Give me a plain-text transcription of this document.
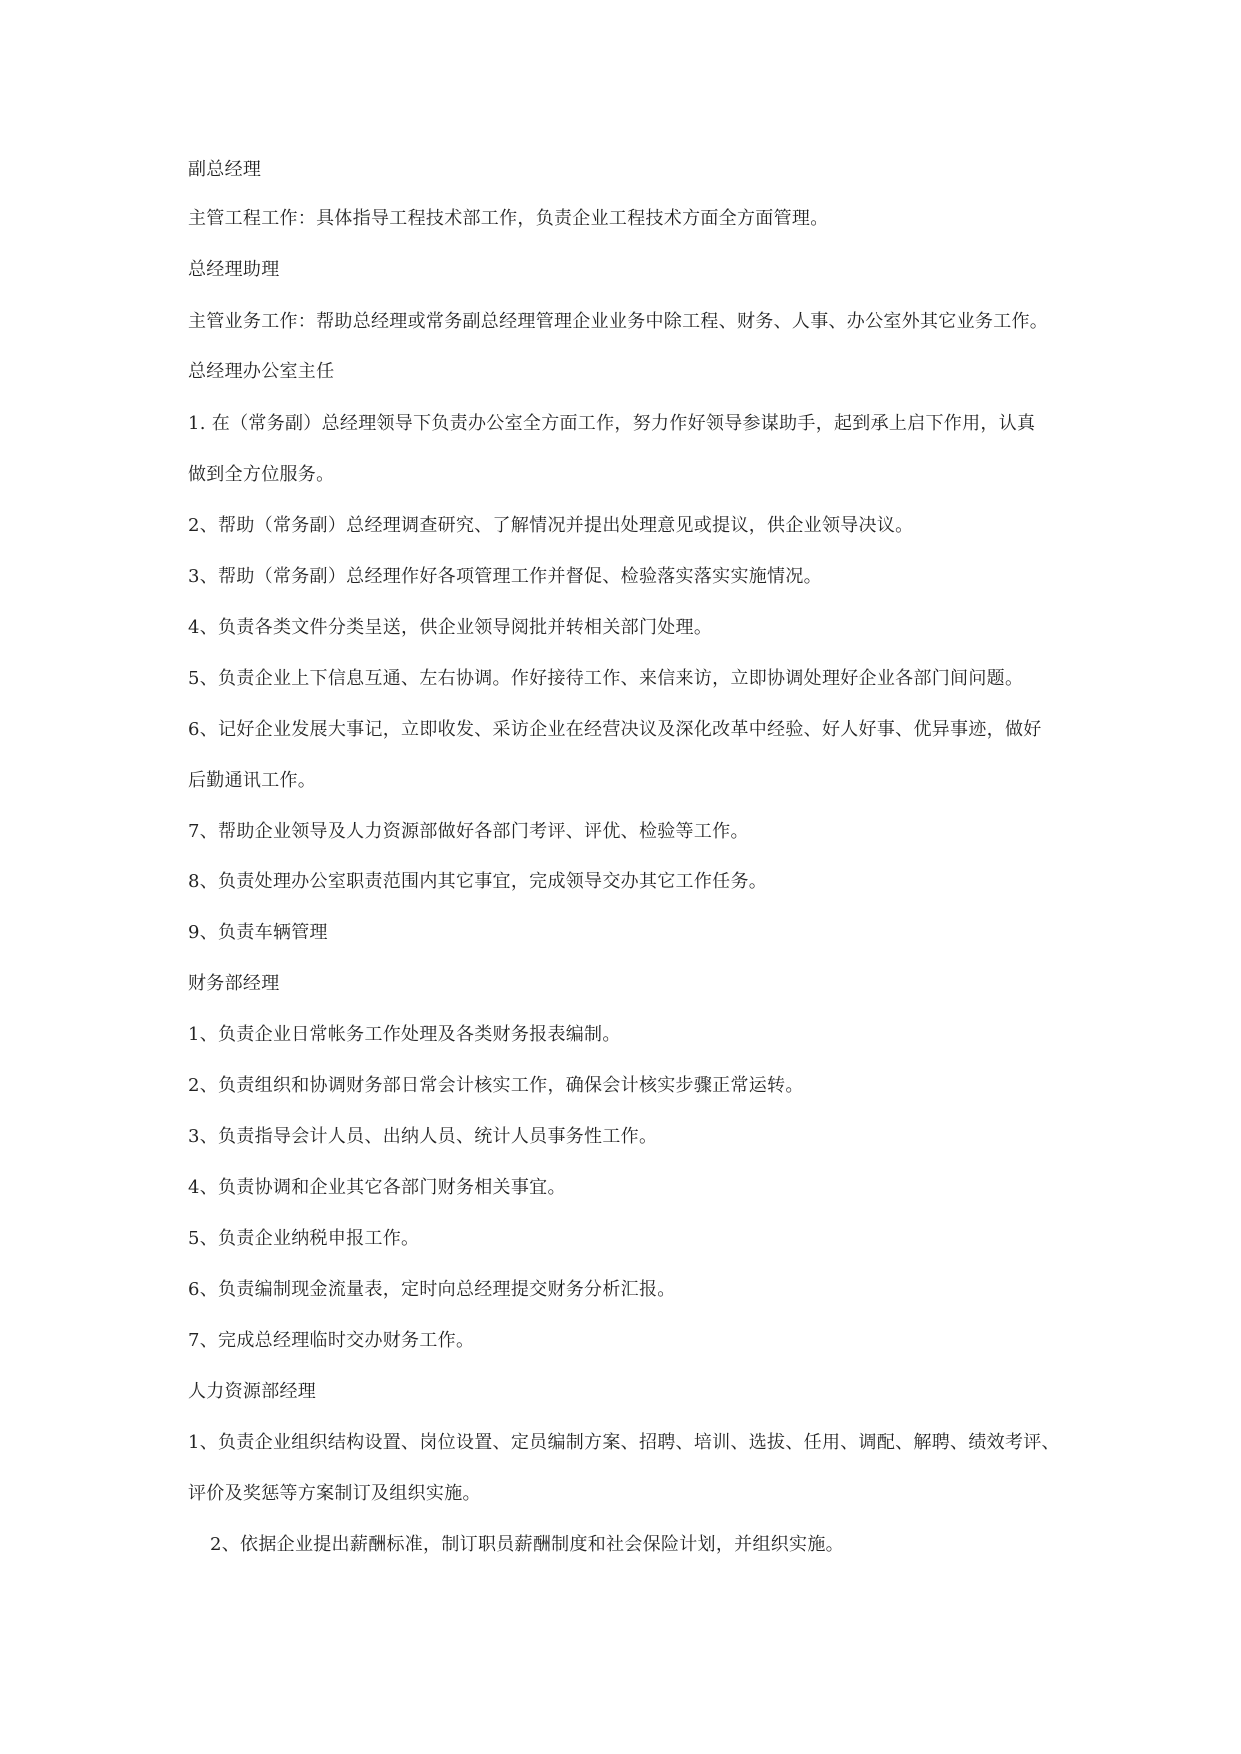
副总经理
主管工程工作：具体指导工程技术部工作，负责企业工程技术方面全方面管理。
总经理助理
主管业务工作：帮助总经理或常务副总经理管理企业业务中除工程、财务、人事、办公室外其它业务工作。
总经理办公室主任
1. 在（常务副）总经理领导下负责办公室全方面工作，努力作好领导参谋助手，起到承上启下作用，认真
做到全方位服务。
2、帮助（常务副）总经理调查研究、了解情况并提出处理意见或提议，供企业领导决议。
3、帮助（常务副）总经理作好各项管理工作并督促、检验落实落实实施情况。
4、负责各类文件分类呈送，供企业领导阅批并转相关部门处理。
5、负责企业上下信息互通、左右协调。作好接待工作、来信来访，立即协调处理好企业各部门间问题。
6、记好企业发展大事记，立即收发、采访企业在经营决议及深化改革中经验、好人好事、优异事迹，做好
后勤通讯工作。
7、帮助企业领导及人力资源部做好各部门考评、评优、检验等工作。
8、负责处理办公室职责范围内其它事宜，完成领导交办其它工作任务。
9、负责车辆管理
财务部经理
1、负责企业日常帐务工作处理及各类财务报表编制。
2、负责组织和协调财务部日常会计核实工作，确保会计核实步骤正常运转。
3、负责指导会计人员、出纳人员、统计人员事务性工作。
4、负责协调和企业其它各部门财务相关事宜。
5、负责企业纳税申报工作。
6、负责编制现金流量表，定时向总经理提交财务分析汇报。
7、完成总经理临时交办财务工作。
人力资源部经理
1、负责企业组织结构设置、岗位设置、定员编制方案、招聘、培训、选拔、任用、调配、解聘、绩效考评、
评价及奖惩等方案制订及组织实施。
2、依据企业提出薪酬标准，制订职员薪酬制度和社会保险计划，并组织实施。
